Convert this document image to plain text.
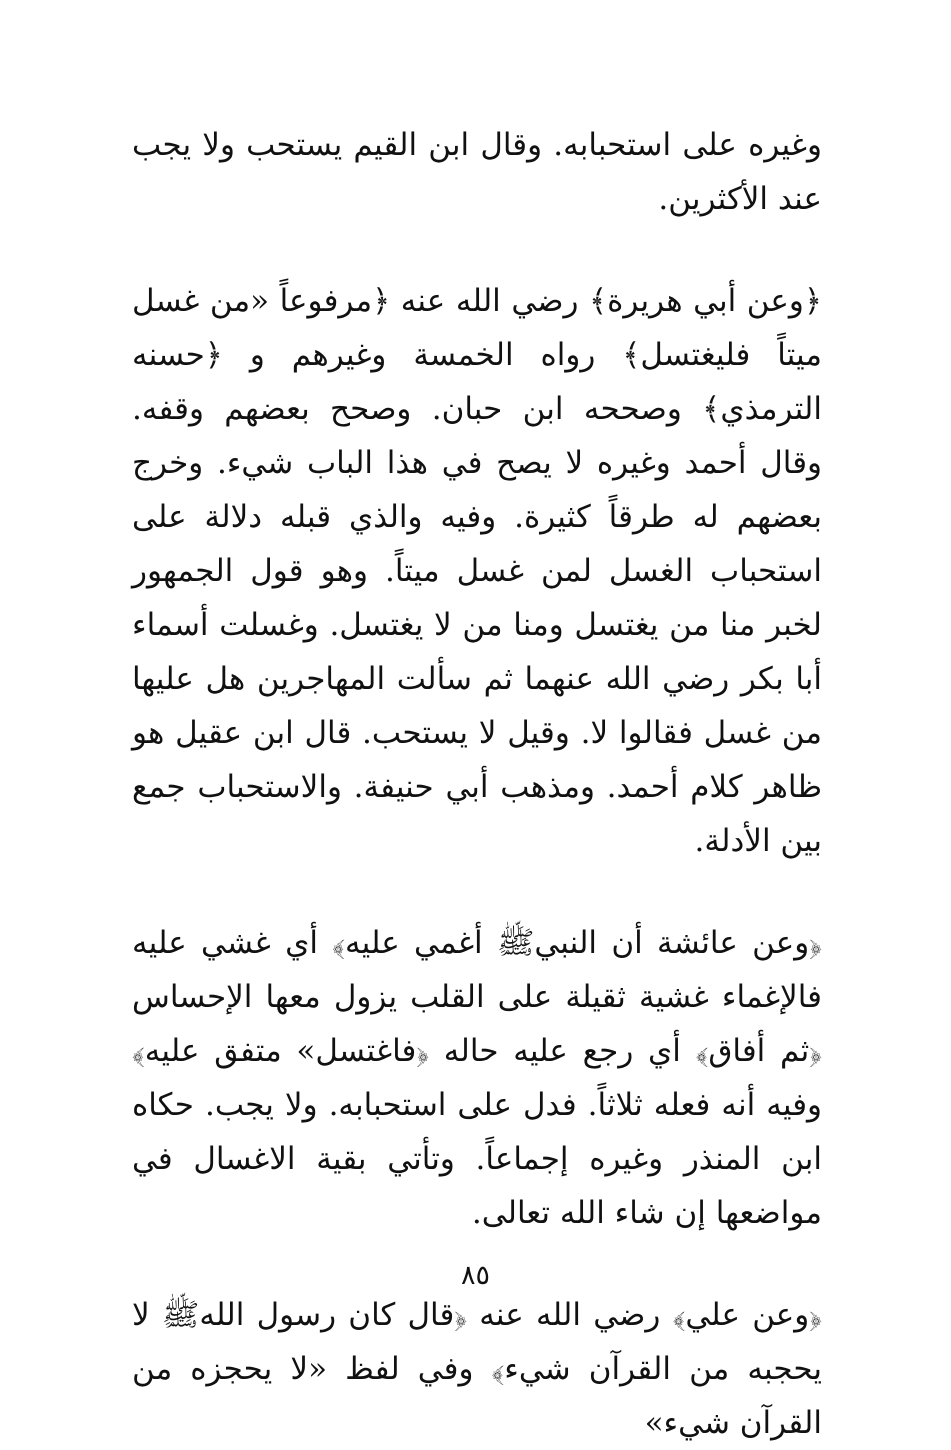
وغيره على استحبابه. وقال ابن القيم يستحب ولا يجب عند الأكثرين.

﴿وعن أبي هريرة﴾ رضي الله عنه ﴿مرفوعاً «من غسل ميتاً فليغتسل﴾ رواه الخمسة وغيرهم و ﴿حسنه الترمذي﴾ وصححه ابن حبان. وصحح بعضهم وقفه. وقال أحمد وغيره لا يصح في هذا الباب شيء. وخرج بعضهم له طرقاً كثيرة. وفيه والذي قبله دلالة على استحباب الغسل لمن غسل ميتاً. وهو قول الجمهور لخبر منا من يغتسل ومنا من لا يغتسل. وغسلت أسماء أبا بكر رضي الله عنهما ثم سألت المهاجرين هل عليها من غسل فقالوا لا. وقيل لا يستحب. قال ابن عقيل هو ظاهر كلام أحمد. ومذهب أبي حنيفة. والاستحباب جمع بين الأدلة.

﴿وعن عائشة أن النبيﷺ أغمي عليه﴾ أي غشي عليه فالإغماء غشية ثقيلة على القلب يزول معها الإحساس ﴿ثم أفاق﴾ أي رجع عليه حاله ﴿فاغتسل» متفق عليه﴾ وفيه أنه فعله ثلاثاً. فدل على استحبابه. ولا يجب. حكاه ابن المنذر وغيره إجماعاً. وتأتي بقية الاغسال في مواضعها إن شاء الله تعالى.

﴿وعن علي﴾ رضي الله عنه ﴿قال كان رسول اللهﷺ لا يحجبه من القرآن شيء﴾ وفي لفظ «لا يحجزه من القرآن شيء»

٨٥
